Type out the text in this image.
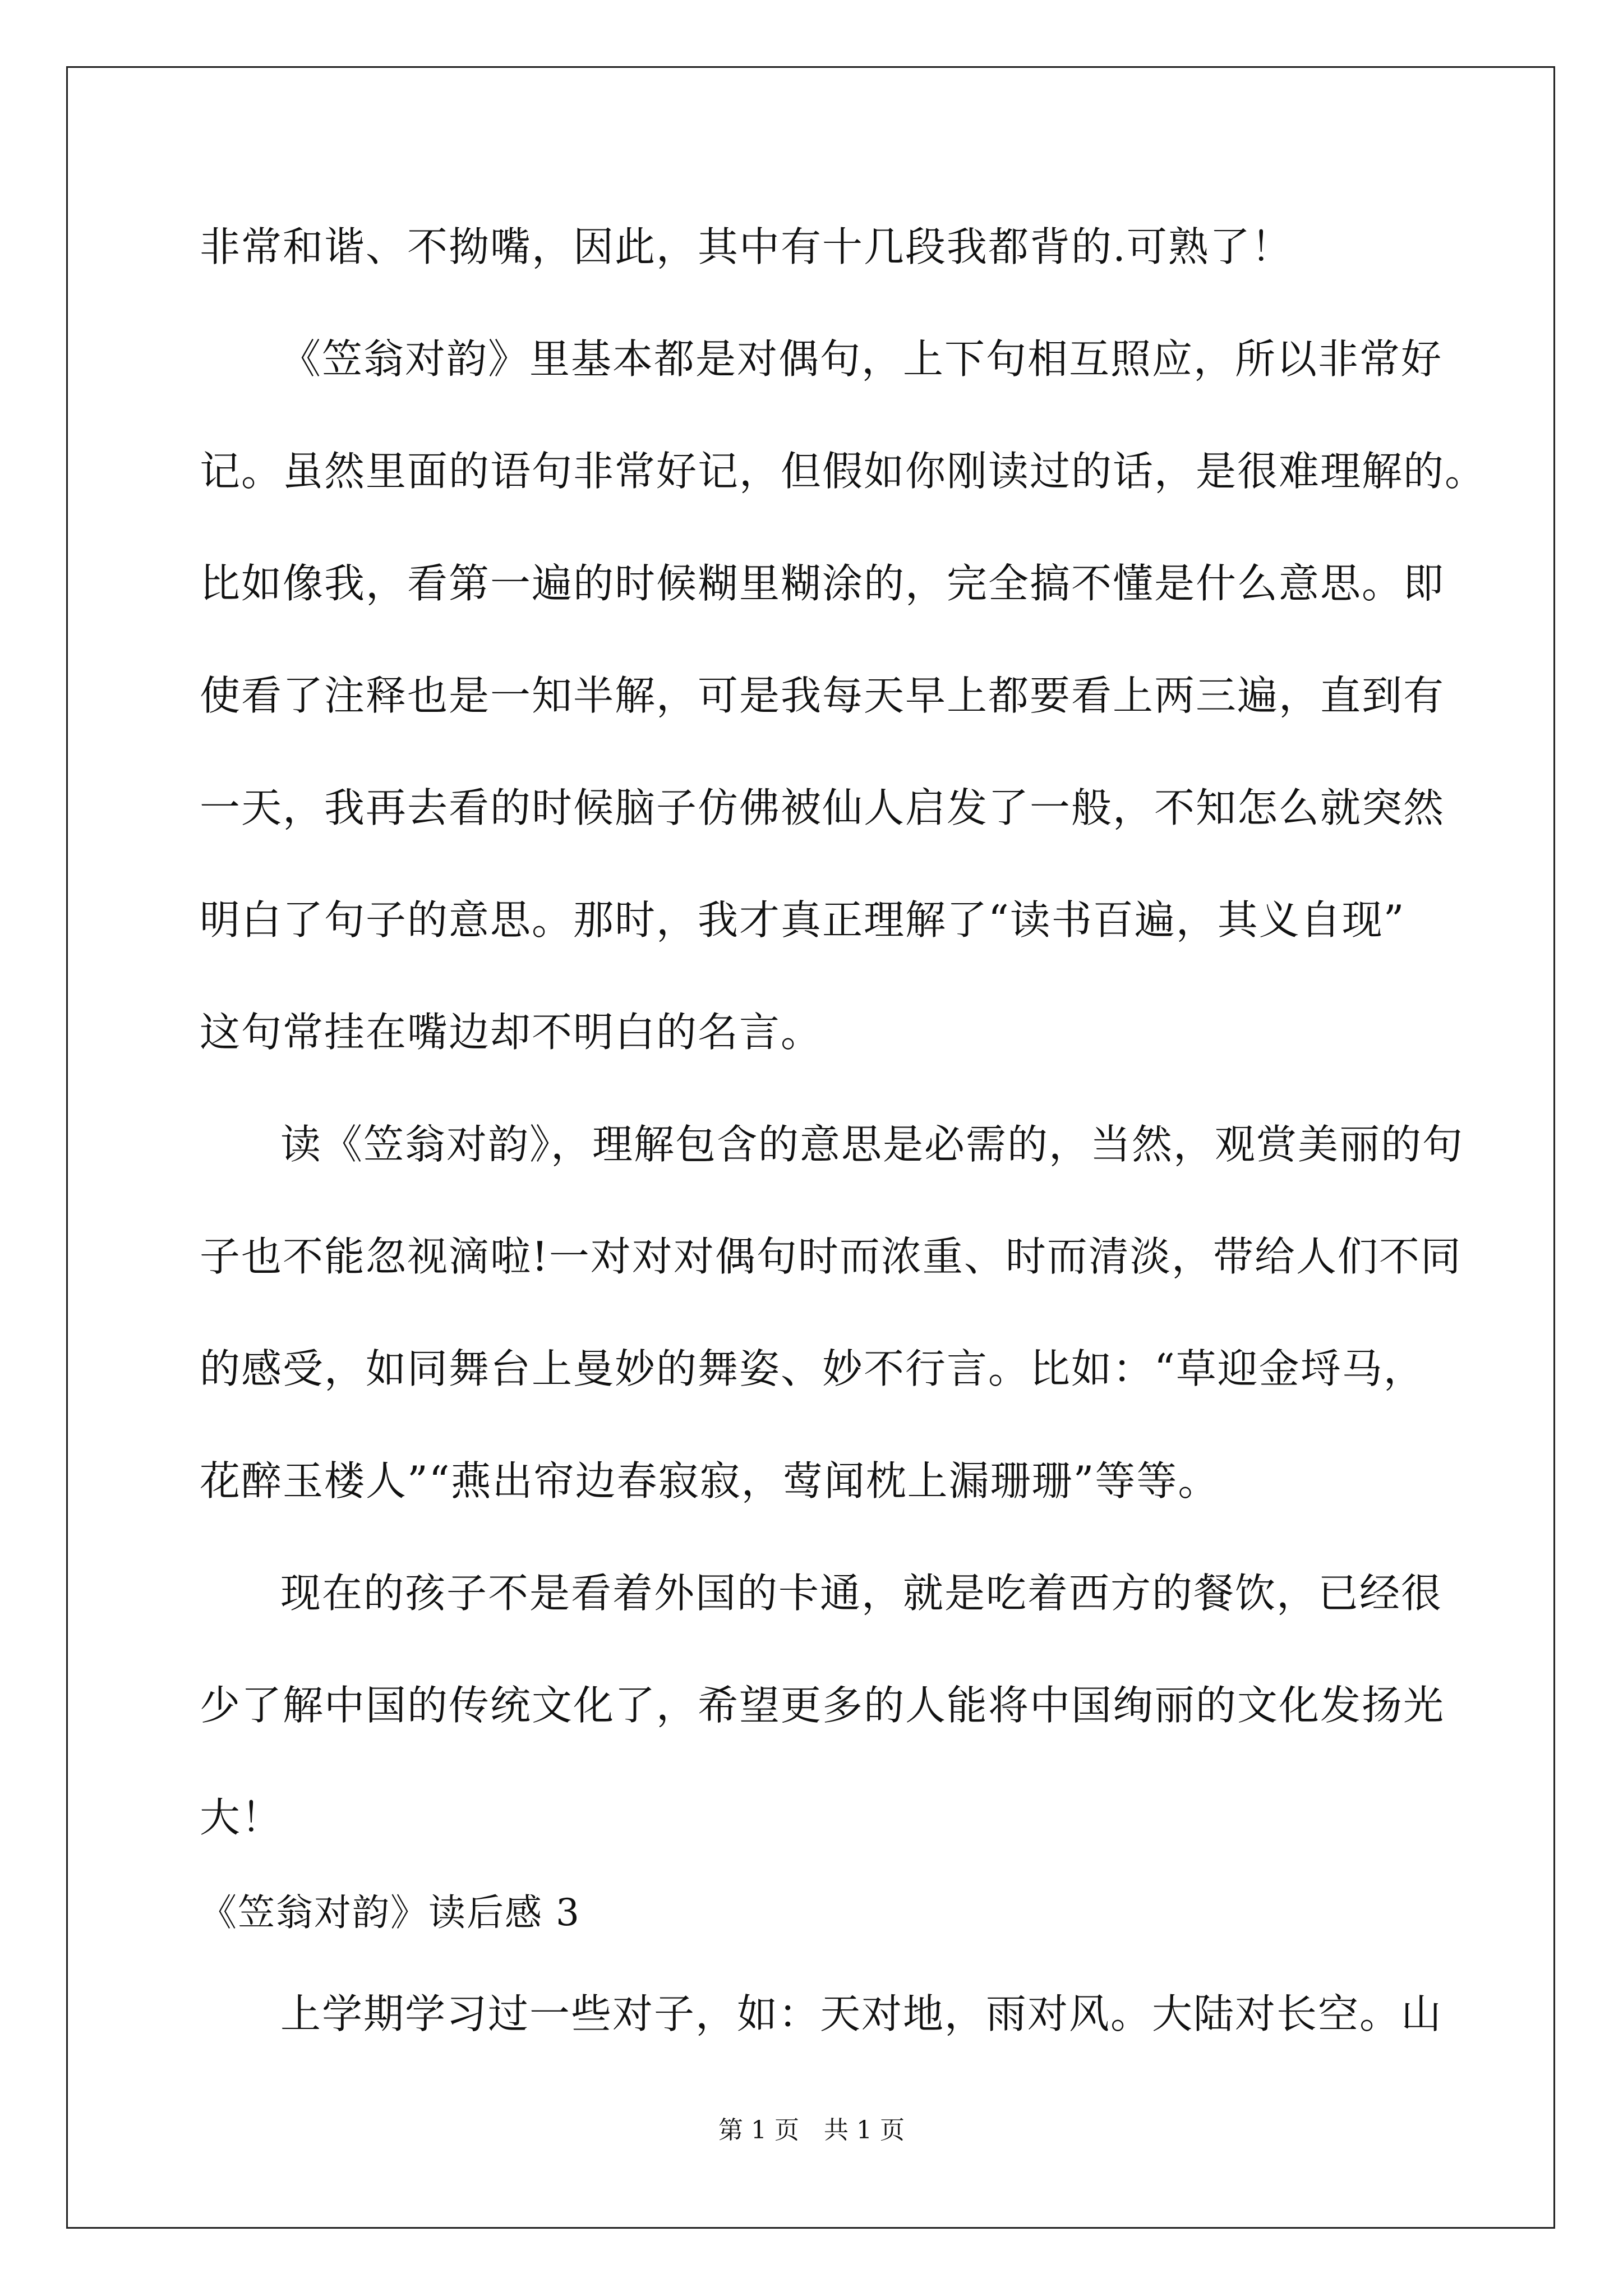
非常和谐、不拗嘴，因此，其中有十几段我都背的.可熟了！
《笠翁对韵》里基本都是对偶句，上下句相互照应，所以非常好
记。虽然里面的语句非常好记，但假如你刚读过的话，是很难理解的。
比如像我，看第一遍的时候糊里糊涂的，完全搞不懂是什么意思。即
使看了注释也是一知半解，可是我每天早上都要看上两三遍，直到有
一天，我再去看的时候脑子仿佛被仙人启发了一般，不知怎么就突然
明白了句子的意思。那时，我才真正理解了“读书百遍，其义自现”
这句常挂在嘴边却不明白的名言。
读《笠翁对韵》，理解包含的意思是必需的，当然，观赏美丽的句
子也不能忽视滴啦!一对对对偶句时而浓重、时而清淡，带给人们不同
的感受，如同舞台上曼妙的舞姿、妙不行言。比如：“草迎金埒马，
花醉玉楼人”“燕出帘边春寂寂，莺闻枕上漏珊珊”等等。
现在的孩子不是看着外国的卡通，就是吃着西方的餐饮，已经很
少了解中国的传统文化了，希望更多的人能将中国绚丽的文化发扬光
大！
《笠翁对韵》读后感 3
上学期学习过一些对子，如：天对地，雨对风。大陆对长空。山
第 1 页　共 1 页
